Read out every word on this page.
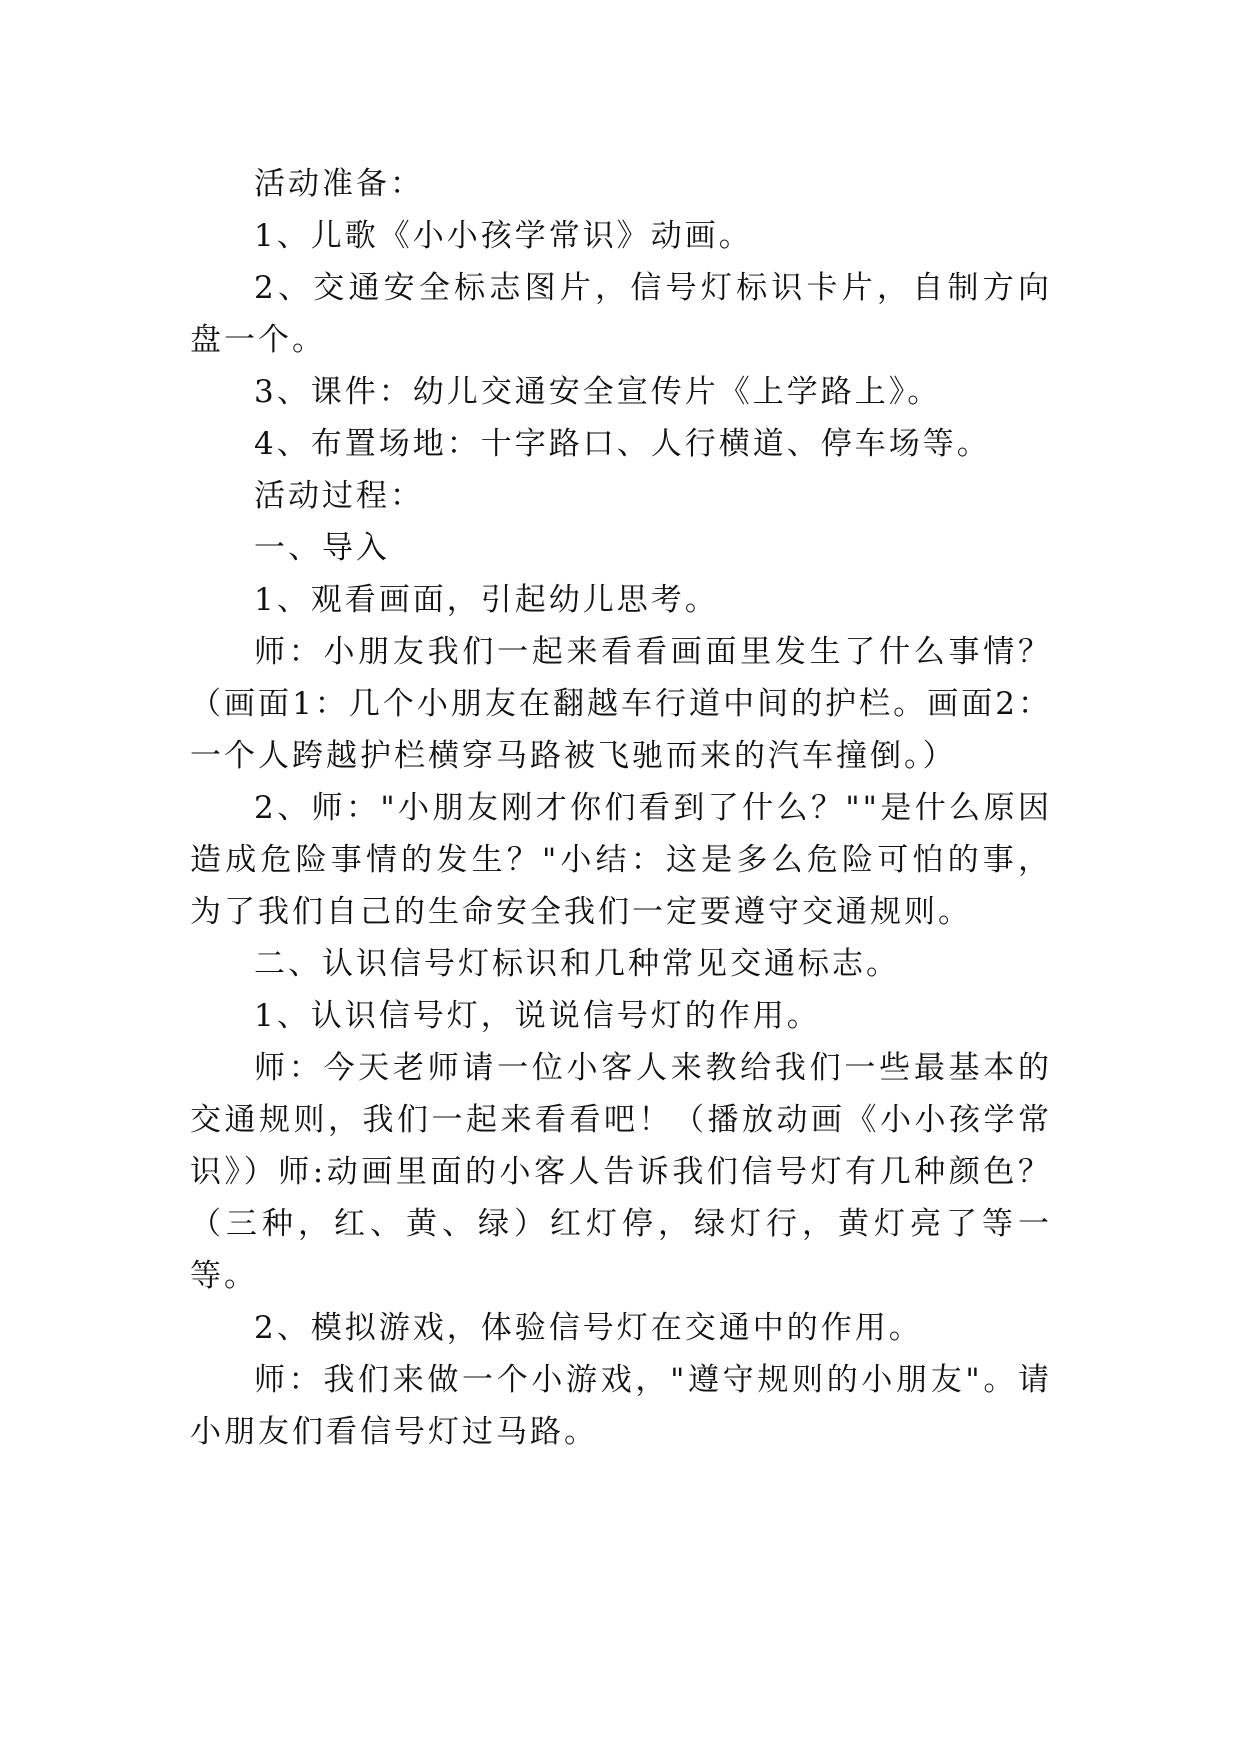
活动准备：

1、儿歌《小小孩学常识》动画。

2、交通安全标志图片，信号灯标识卡片，自制方向盘一个。

3、课件：幼儿交通安全宣传片《上学路上》。

4、布置场地：十字路口、人行横道、停车场等。

活动过程：

一、导入

1、观看画面，引起幼儿思考。

师：小朋友我们一起来看看画面里发生了什么事情？（画面1：几个小朋友在翻越车行道中间的护栏。画面2：一个人跨越护栏横穿马路被飞驰而来的汽车撞倒。）

2、师："小朋友刚才你们看到了什么？""是什么原因造成危险事情的发生？"小结：这是多么危险可怕的事，为了我们自己的生命安全我们一定要遵守交通规则。

二、认识信号灯标识和几种常见交通标志。

1、认识信号灯，说说信号灯的作用。

师：今天老师请一位小客人来教给我们一些最基本的交通规则，我们一起来看看吧！（播放动画《小小孩学常识》）师:动画里面的小客人告诉我们信号灯有几种颜色？（三种，红、黄、绿）红灯停，绿灯行，黄灯亮了等一等。

2、模拟游戏，体验信号灯在交通中的作用。

师：我们来做一个小游戏，"遵守规则的小朋友"。请小朋友们看信号灯过马路。
